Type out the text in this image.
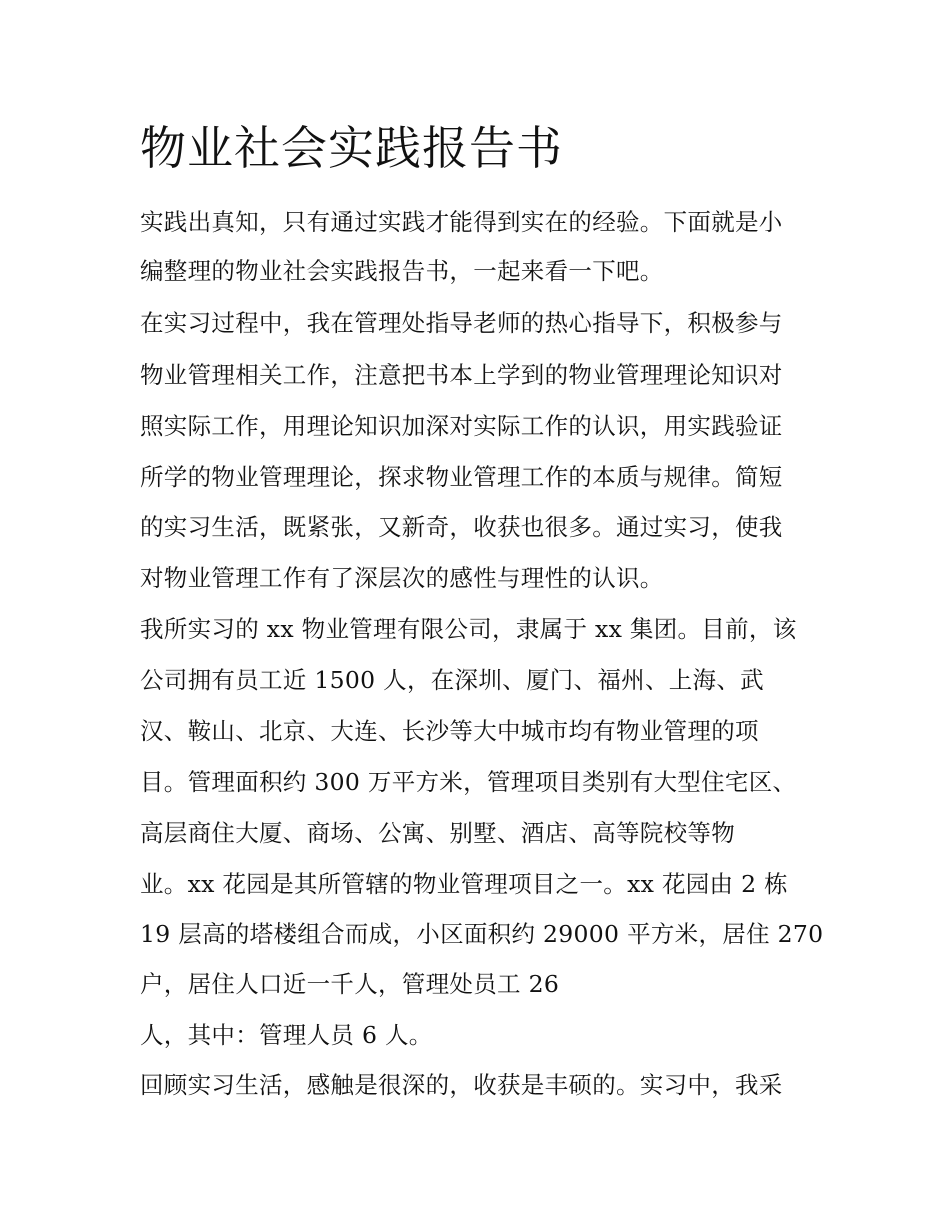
物业社会实践报告书
实践出真知，只有通过实践才能得到实在的经验。下面就是小
编整理的物业社会实践报告书，一起来看一下吧。
在实习过程中，我在管理处指导老师的热心指导下，积极参与
物业管理相关工作，注意把书本上学到的物业管理理论知识对
照实际工作，用理论知识加深对实际工作的认识，用实践验证
所学的物业管理理论，探求物业管理工作的本质与规律。简短
的实习生活，既紧张，又新奇，收获也很多。通过实习，使我
对物业管理工作有了深层次的感性与理性的认识。
我所实习的 xx 物业管理有限公司，隶属于 xx 集团。目前，该
公司拥有员工近 1500 人，在深圳、厦门、福州、上海、武
汉、鞍山、北京、大连、长沙等大中城市均有物业管理的项
目。管理面积约 300 万平方米，管理项目类别有大型住宅区、
高层商住大厦、商场、公寓、别墅、酒店、高等院校等物
业。xx 花园是其所管辖的物业管理项目之一。xx 花园由 2 栋
19 层高的塔楼组合而成，小区面积约 29000 平方米，居住 270
户，居住人口近一千人，管理处员工 26
人，其中：管理人员 6 人。
回顾实习生活，感触是很深的，收获是丰硕的。实习中，我采
